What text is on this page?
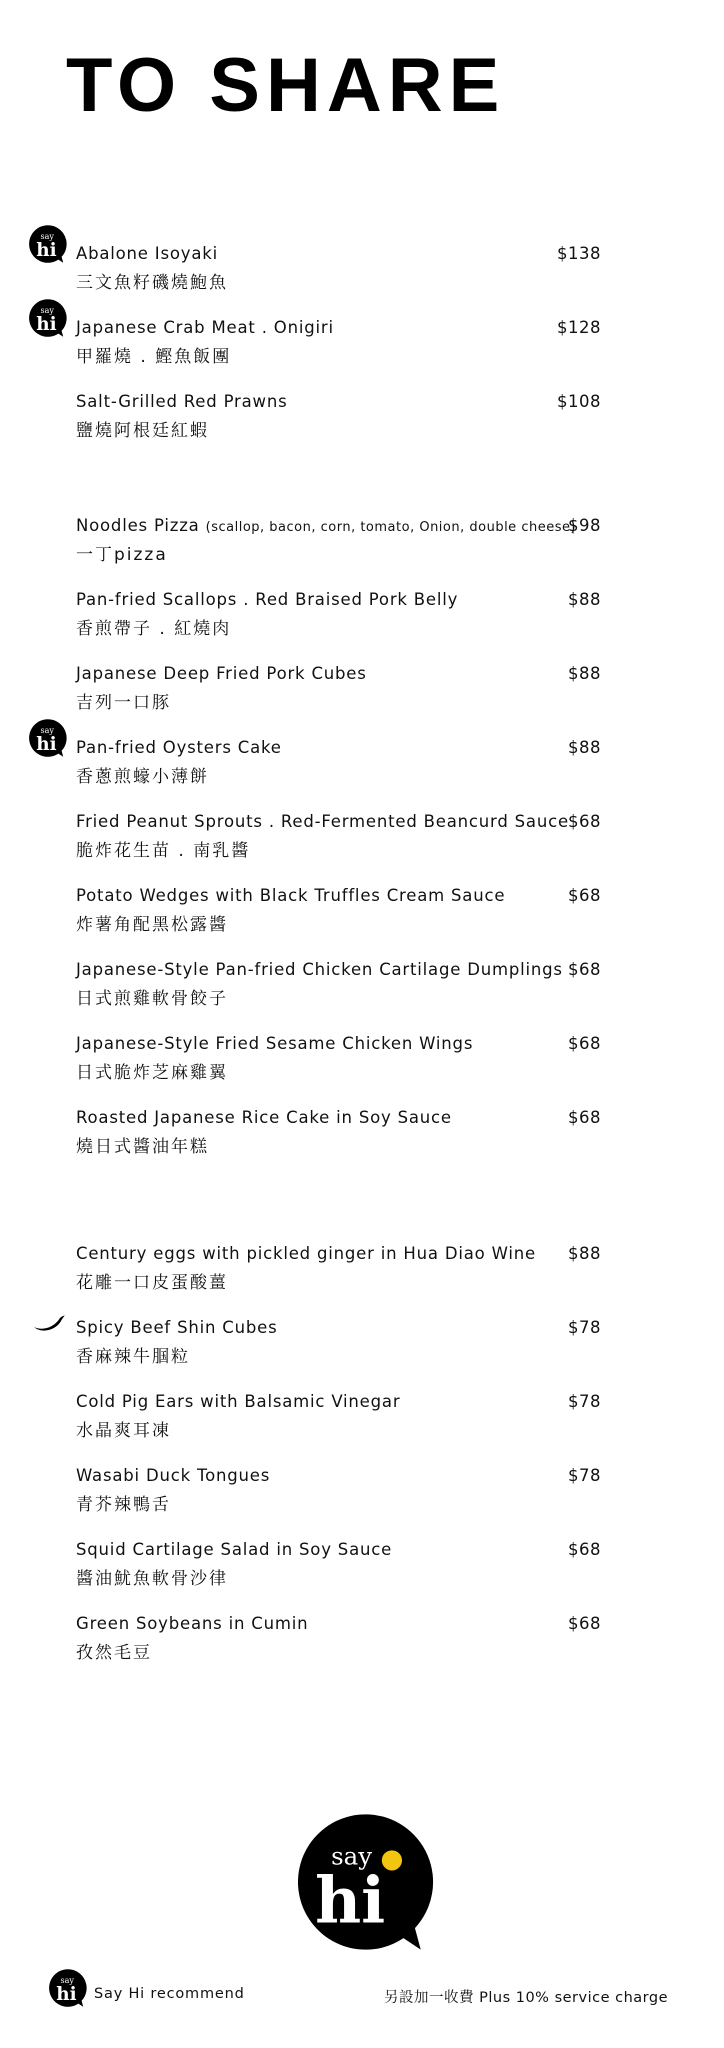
TO SHARE
say
hi Abalone Isoyaki
三文魚籽磯燒鮑魚
$138
say
hi Japanese Crab Meat . Onigiri
甲羅燒 . 鰹魚飯團
$128
Salt-Grilled Red Prawns
鹽燒阿根廷紅蝦
$108
Noodles Pizza (scallop, bacon, corn, tomato, Onion, double cheese)
一丁pizza
$98
Pan-fried Scallops . Red Braised Pork Belly
香煎帶子 . 紅燒肉
$88
Japanese Deep Fried Pork Cubes
吉列一口豚
$88
say
hi Pan-fried Oysters Cake
香蔥煎蠔小薄餅
$88
Fried Peanut Sprouts . Red-Fermented Beancurd Sauce
脆炸花生苗 . 南乳醬
$68
Potato Wedges with Black Truffles Cream Sauce
炸薯角配黑松露醬
$68
Japanese-Style Pan-fried Chicken Cartilage Dumplings
日式煎雞軟骨餃子
$68
Japanese-Style Fried Sesame Chicken Wings
日式脆炸芝麻雞翼
$68
Roasted Japanese Rice Cake in Soy Sauce
燒日式醬油年糕
$68
Century eggs with pickled ginger in Hua Diao Wine
花雕一口皮蛋酸薑
$88
Spicy Beef Shin Cubes
香麻辣牛腘粒
$78
Cold Pig Ears with Balsamic Vinegar
水晶爽耳凍
$78
Wasabi Duck Tongues
青芥辣鴨舌
$78
Squid Cartilage Salad in Soy Sauce
醬油魷魚軟骨沙律
$68
Green Soybeans in Cumin
孜然毛豆
$68
say
hi
say
hi Say Hi recommend	另設加一收費 Plus 10% service charge
